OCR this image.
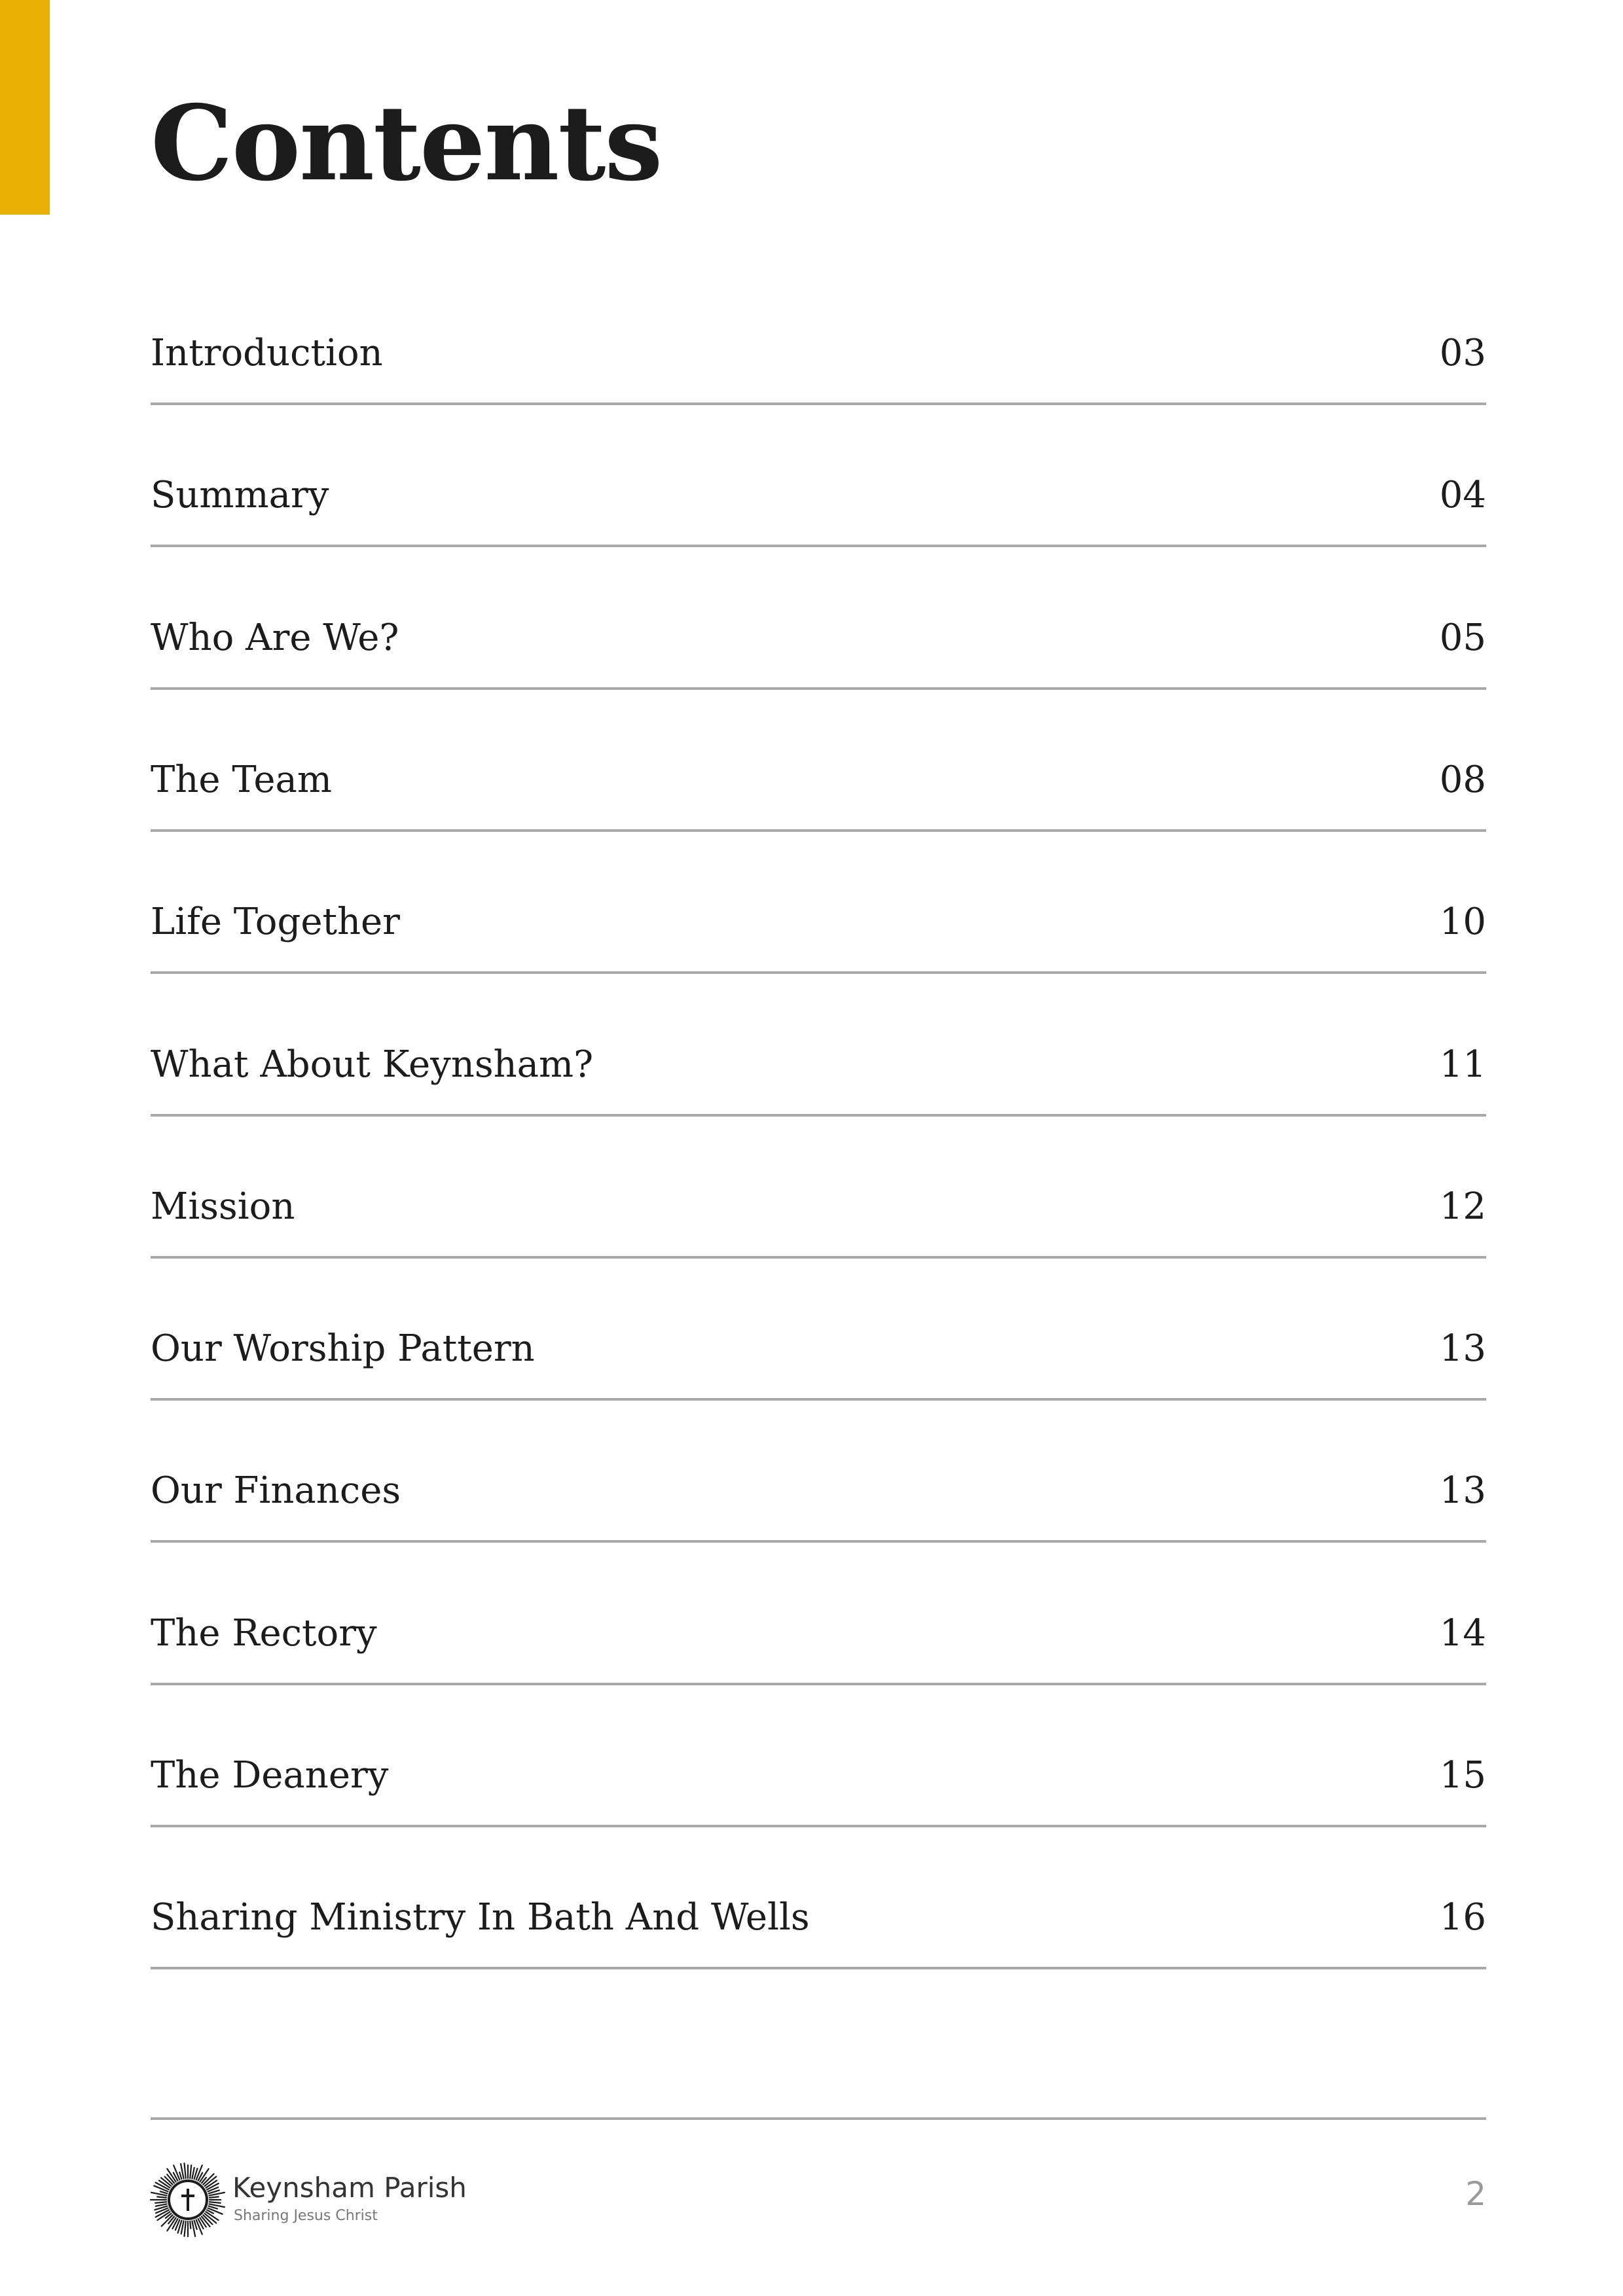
Contents
Introduction	03
Summary	04
Who Are We?	05
The Team	08
Life Together	10
What About Keynsham?	11
Mission	12
Our Worship Pattern	13
Our Finances	13
The Rectory	14
The Deanery	15
Sharing Ministry In Bath And Wells	16
Keynsham Parish
Sharing Jesus Christ
2
